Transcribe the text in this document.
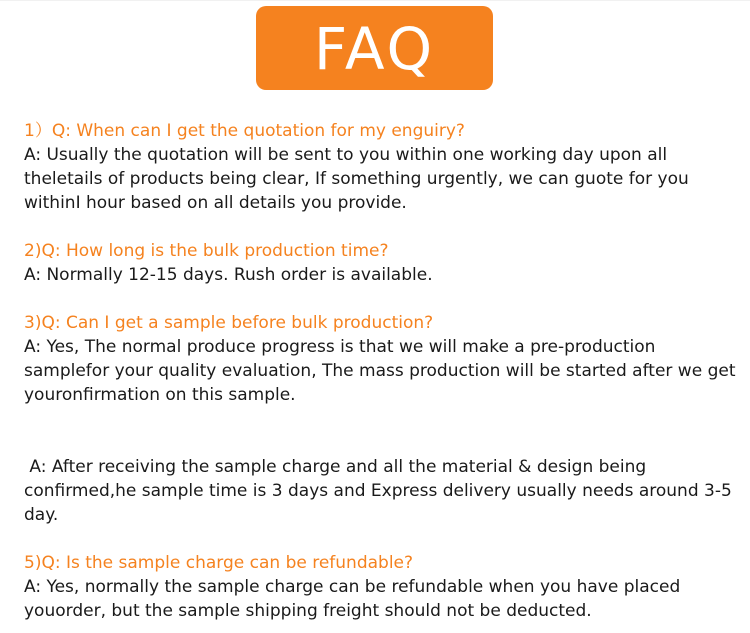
FAQ
1）Q: When can I get the quotation for my enguiry?
A: Usually the quotation will be sent to you within one working day upon all theletails of products being clear, If something urgently, we can guote for you withinI hour based on all details you provide.
2)Q: How long is the bulk production time?
A: Normally 12-15 days. Rush order is available.
3)Q: Can I get a sample before bulk production?
A: Yes, The normal produce progress is that we will make a pre-production samplefor your quality evaluation, The mass production will be started after we get youronfirmation on this sample.
A: After receiving the sample charge and all the material & design being confirmed,he sample time is 3 days and Express delivery usually needs around 3-5 day.
5)Q: Is the sample charge can be refundable?
A: Yes, normally the sample charge can be refundable when you have placed youorder, but the sample shipping freight should not be deducted.
